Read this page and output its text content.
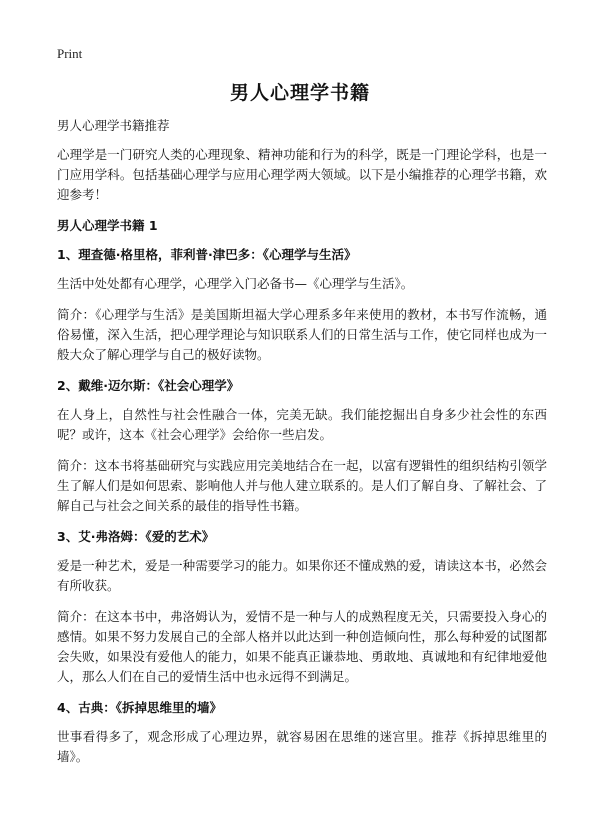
Print
男人心理学书籍
男人心理学书籍推荐

心理学是一门研究人类的心理现象、精神功能和行为的科学，既是一门理论学科，也是一门应用学科。包括基础心理学与应用心理学两大领域。以下是小编推荐的心理学书籍，欢迎参考！

男人心理学书籍 1
1、理查德·格里格，菲利普·津巴多：《心理学与生活》

生活中处处都有心理学，心理学入门必备书—《心理学与生活》。

简介：《心理学与生活》是美国斯坦福大学心理系多年来使用的教材，本书写作流畅，通俗易懂，深入生活，把心理学理论与知识联系人们的日常生活与工作，使它同样也成为一般大众了解心理学与自己的极好读物。

2、戴维·迈尔斯：《社会心理学》

在人身上，自然性与社会性融合一体，完美无缺。我们能挖掘出自身多少社会性的东西呢？或许，这本《社会心理学》会给你一些启发。

简介：这本书将基础研究与实践应用完美地结合在一起，以富有逻辑性的组织结构引领学生了解人们是如何思索、影响他人并与他人建立联系的。是人们了解自身、了解社会、了解自己与社会之间关系的最佳的指导性书籍。

3、艾·弗洛姆：《爱的艺术》

爱是一种艺术，爱是一种需要学习的能力。如果你还不懂成熟的爱，请读这本书，必然会有所收获。

简介：在这本书中，弗洛姆认为，爱情不是一种与人的成熟程度无关，只需要投入身心的感情。如果不努力发展自己的全部人格并以此达到一种创造倾向性，那么每种爱的试图都会失败，如果没有爱他人的能力，如果不能真正谦恭地、勇敢地、真诚地和有纪律地爱他人，那么人们在自己的爱情生活中也永远得不到满足。

4、古典：《拆掉思维里的墙》

世事看得多了，观念形成了心理边界，就容易困在思维的迷宫里。推荐《拆掉思维里的墙》。
